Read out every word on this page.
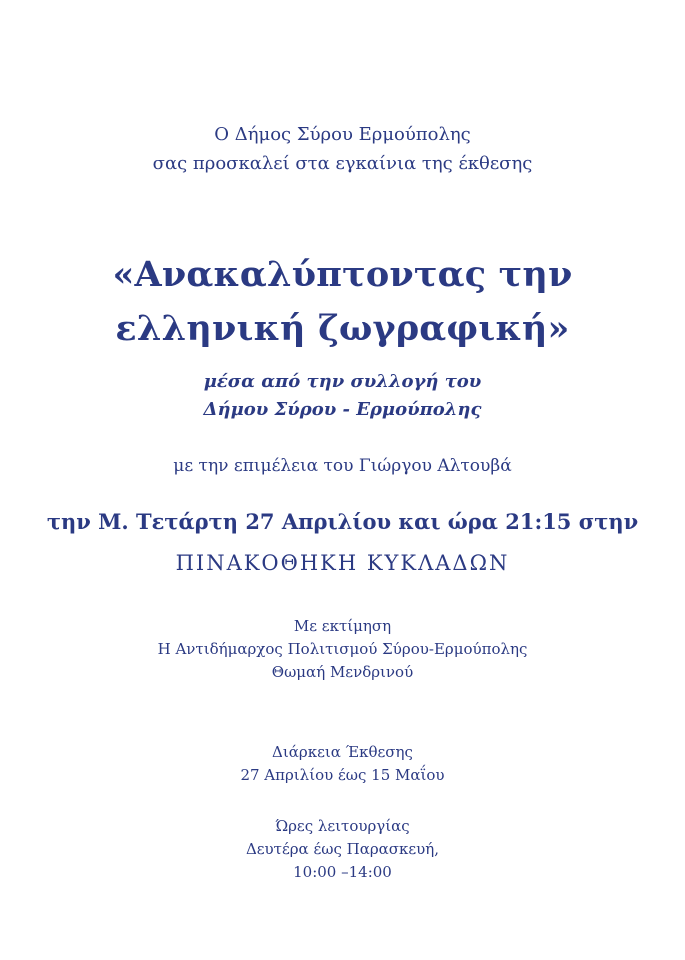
Ο Δήμος Σύρου Ερμούπολης
σας προσκαλεί στα εγκαίνια της έκθεσης
«Ανακαλύπτοντας την
ελληνική ζωγραφική»
μέσα από την συλλογή του
Δήμου Σύρου - Ερμούπολης
με την επιμέλεια του Γιώργου Αλτουβά
την Μ. Τετάρτη 27 Απριλίου και ώρα 21:15 στην
ΠΙΝΑΚΟΘΗΚΗ ΚΥΚΛΑΔΩΝ
Με εκτίμηση
Η Αντιδήμαρχος Πολιτισμού Σύρου-Ερμούπολης
Θωμαή Μενδρινού
Διάρκεια Έκθεσης
27 Απριλίου έως 15 Μαΐου
Ώρες λειτουργίας
Δευτέρα έως Παρασκευή,
10:00 –14:00
